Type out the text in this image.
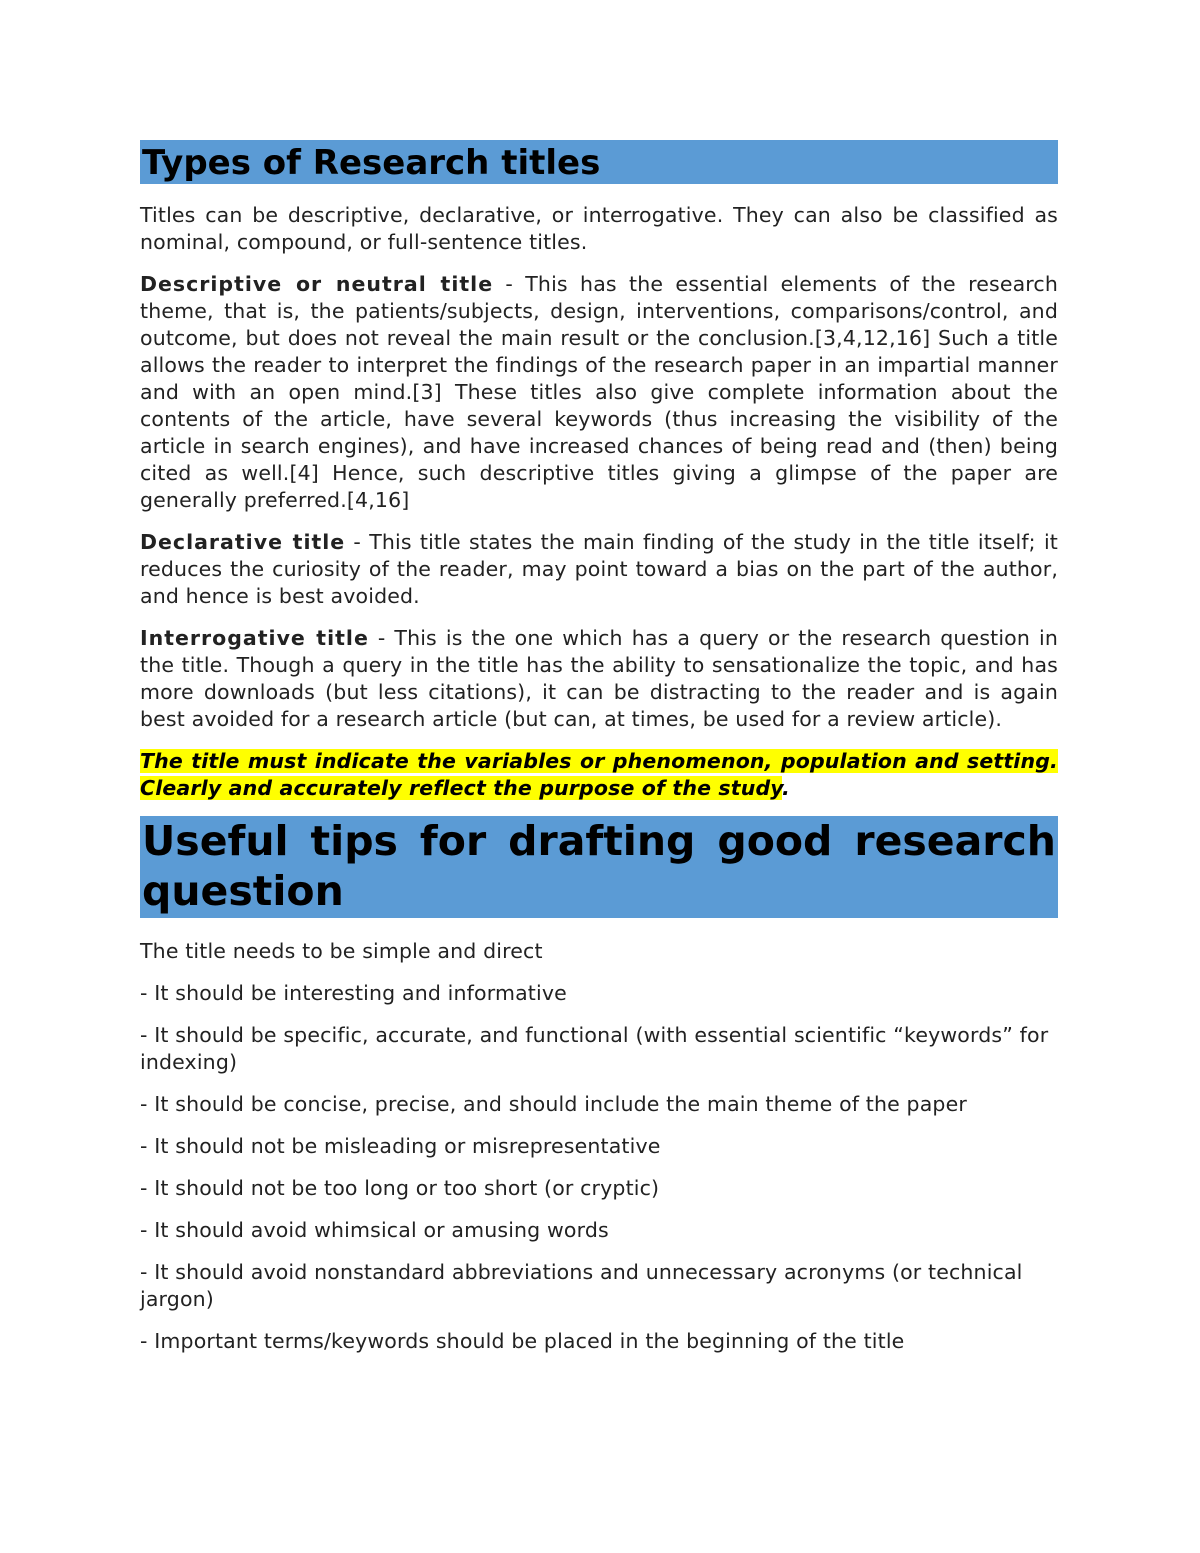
Types of Research titles

Titles can be descriptive, declarative, or interrogative. They can also be classified as nominal, compound, or full-sentence titles.

Descriptive or neutral title - This has the essential elements of the research theme, that is, the patients/subjects, design, interventions, comparisons/control, and outcome, but does not reveal the main result or the conclusion.[3,4,12,16] Such a title allows the reader to interpret the findings of the research paper in an impartial manner and with an open mind.[3] These titles also give complete information about the contents of the article, have several keywords (thus increasing the visibility of the article in search engines), and have increased chances of being read and (then) being cited as well.[4] Hence, such descriptive titles giving a glimpse of the paper are generally preferred.[4,16]

Declarative title - This title states the main finding of the study in the title itself; it reduces the curiosity of the reader, may point toward a bias on the part of the author, and hence is best avoided.

Interrogative title - This is the one which has a query or the research question in the title. Though a query in the title has the ability to sensationalize the topic, and has more downloads (but less citations), it can be distracting to the reader and is again best avoided for a research article (but can, at times, be used for a review article).

The title must indicate the variables or phenomenon, population and setting. Clearly and accurately reflect the purpose of the study.

Useful tips for drafting good research question

The title needs to be simple and direct

- It should be interesting and informative

- It should be specific, accurate, and functional (with essential scientific “keywords” for indexing)

- It should be concise, precise, and should include the main theme of the paper

- It should not be misleading or misrepresentative

- It should not be too long or too short (or cryptic)

- It should avoid whimsical or amusing words

- It should avoid nonstandard abbreviations and unnecessary acronyms (or technical jargon)

- Important terms/keywords should be placed in the beginning of the title
